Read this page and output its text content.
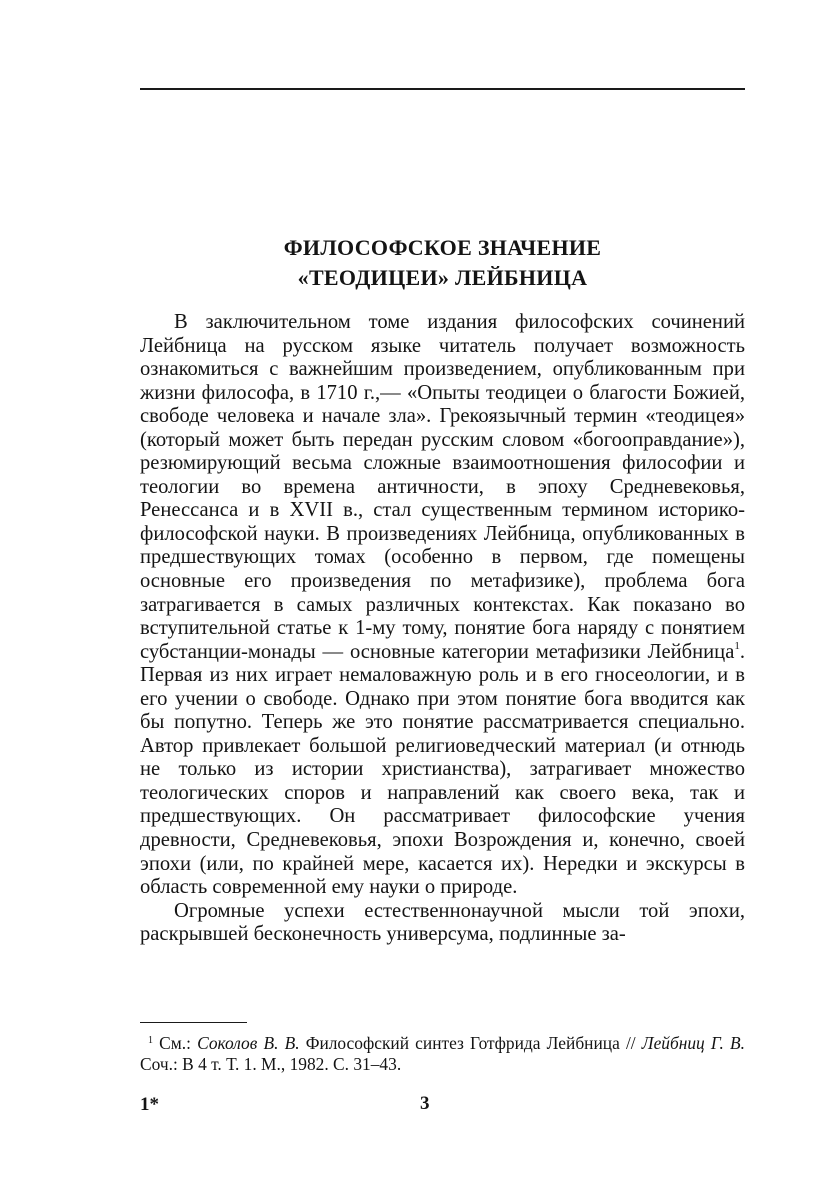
ФИЛОСОФСКОЕ ЗНАЧЕНИЕ
«ТЕОДИЦЕИ» ЛЕЙБНИЦА

В заключительном томе издания философских сочинений Лейбница на русском языке читатель получает возможность ознакомиться с важнейшим произведением, опубликованным при жизни философа, в 1710 г.,— «Опыты теодицеи о благости Божией, свободе человека и начале зла». Грекоязычный термин «теодицея» (который может быть передан русским словом «богооправдание»), резюмирующий весьма сложные взаимоотношения философии и теологии во времена античности, в эпоху Средневековья, Ренессанса и в XVII в., стал существенным термином историко-философской науки. В произведениях Лейбница, опубликованных в предшествующих томах (особенно в первом, где помещены основные его произведения по метафизике), проблема бога затрагивается в самых различных контекстах. Как показано во вступительной статье к 1-му тому, понятие бога наряду с понятием субстанции-монады — основные категории метафизики Лейбница$^1$. Первая из них играет немаловажную роль и в его гносеологии, и в его учении о свободе. Однако при этом понятие бога вводится как бы попутно. Теперь же это понятие рассматривается специально. Автор привлекает большой религиоведческий материал (и отнюдь не только из истории христианства), затрагивает множество теологических споров и направлений как своего века, так и предшествующих. Он рассматривает философские учения древности, Средневековья, эпохи Возрождения и, конечно, своей эпохи (или, по крайней мере, касается их). Нередки и экскурсы в область современной ему науки о природе.

Огромные успехи естественнонаучной мысли той эпохи, раскрывшей бесконечность универсума, подлинные за-

$^1$ См.: Соколов В. В. Философский синтез Готфрида Лейбница // Лейбниц Г. В. Соч.: В 4 т. Т. 1. М., 1982. С. 31–43.
1*	3
